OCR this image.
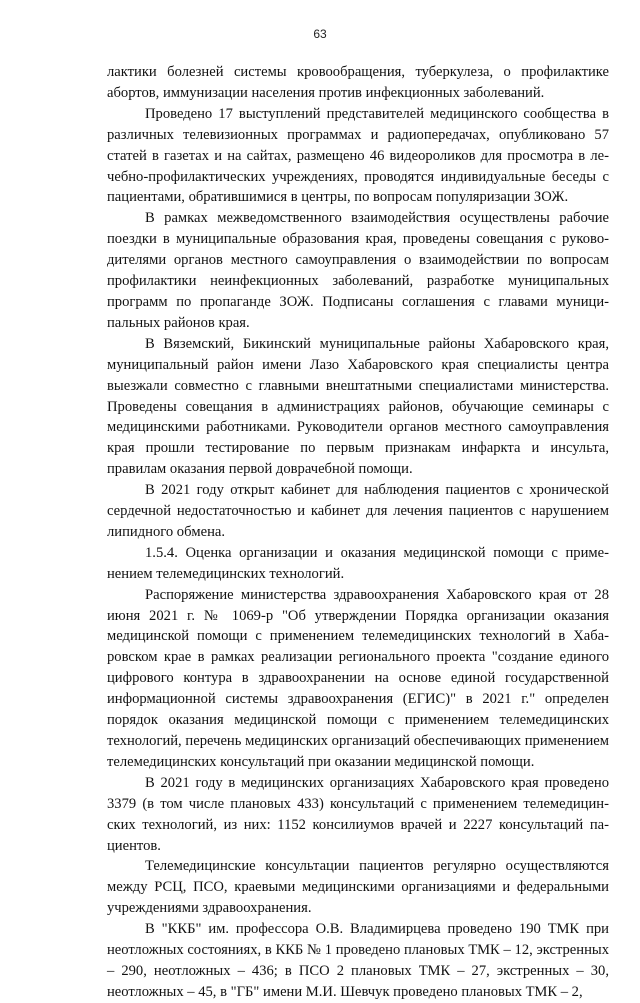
63

лактики болезней системы кровообращения, туберкулеза, о профилактике абортов, иммунизации населения против инфекционных заболеваний.

Проведено 17 выступлений представителей медицинского сообщества в различных телевизионных программах и радиопередачах, опубликовано 57 статей в газетах и на сайтах, размещено 46 видеороликов для просмотра в лечебно-профилактических учреждениях, проводятся индивидуальные беседы с пациентами, обратившимися в центры, по вопросам популяризации ЗОЖ.

В рамках межведомственного взаимодействия осуществлены рабочие поездки в муниципальные образования края, проведены совещания с руководителями органов местного самоуправления о взаимодействии по вопросам профилактики неинфекционных заболеваний, разработке муниципальных программ по пропаганде ЗОЖ. Подписаны соглашения с главами муниципальных районов края.

В Вяземский, Бикинский муниципальные районы Хабаровского края, муниципальный район имени Лазо Хабаровского края специалисты центра выезжали совместно с главными внештатными специалистами министерства. Проведены совещания в администрациях районов, обучающие семинары с медицинскими работниками. Руководители органов местного самоуправления края прошли тестирование по первым признакам инфаркта и инсульта, правилам оказания первой доврачебной помощи.

В 2021 году открыт кабинет для наблюдения пациентов с хронической сердечной недостаточностью и кабинет для лечения пациентов с нарушением липидного обмена.

1.5.4. Оценка организации и оказания медицинской помощи с применением телемедицинских технологий.

Распоряжение министерства здравоохранения Хабаровского края от 28 июня 2021 г. № 1069-р "Об утверждении Порядка организации оказания медицинской помощи с применением телемедицинских технологий в Хабаровском крае в рамках реализации регионального проекта "создание единого цифрового контура в здравоохранении на основе единой государственной информационной системы здравоохранения (ЕГИС)" в 2021 г." определен порядок оказания медицинской помощи с применением телемедицинских технологий, перечень медицинских организаций обеспечивающих применением телемедицинских консультаций при оказании медицинской помощи.

В 2021 году в медицинских организациях Хабаровского края проведено 3379 (в том числе плановых 433) консультаций с применением телемедицинских технологий, из них: 1152 консилиумов врачей и 2227 консультаций пациентов.

Телемедицинские консультации пациентов регулярно осуществляются между РСЦ, ПСО, краевыми медицинскими организациями и федеральными учреждениями здравоохранения.

В "ККБ" им. профессора О.В. Владимирцева проведено 190 ТМК при неотложных состояниях, в ККБ № 1 проведено плановых ТМК – 12, экстренных – 290, неотложных – 436; в ПСО 2 плановых ТМК – 27, экстренных – 30, неотложных – 45, в "ГБ" имени М.И. Шевчук проведено плановых ТМК – 2,
